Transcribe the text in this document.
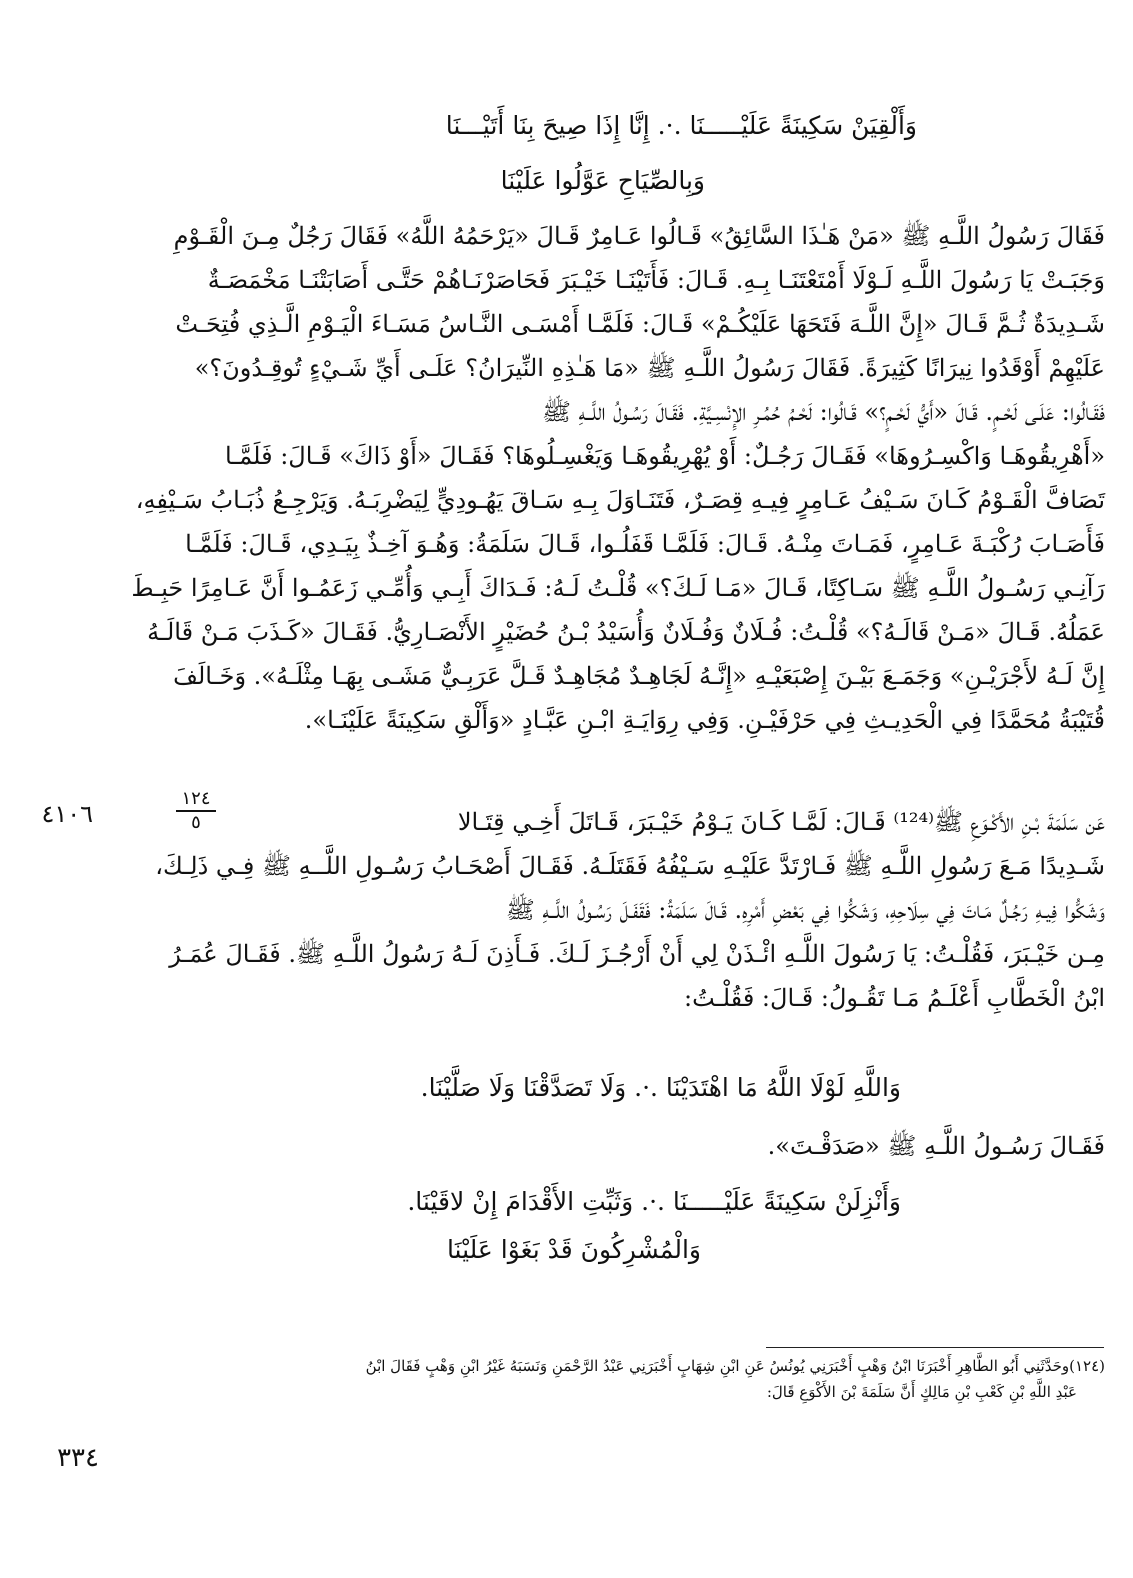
وَأَلْقِيَنْ سَكِينَةً عَلَيْـــــنَا .·. إِنَّا إِذَا صِيحَ بِنَا أَتَيْـــنَا
وَبِالصِّيَاحِ عَوَّلُوا عَلَيْنَا
فَقَالَ رَسُولُ اللَّـهِ ﷺ «مَنْ هَـٰذَا السَّائِقُ» قَـالُوا عَـامِرٌ قَـالَ «يَرْحَمُهُ اللَّهُ» فَقَالَ رَجُلٌ مِـنَ الْقَـوْمِ
وَجَبَـتْ يَا رَسُولَ اللَّـهِ لَـوْلَا أَمْتَعْتَنَـا بِـهِ. قَـالَ: فَأَتَيْنَـا خَيْـبَرَ فَحَاصَرْنَـاهُمْ حَتَّـى أَصَابَتْنَـا مَخْمَصَـةٌ
شَـدِيدَةٌ ثُـمَّ قَـالَ «إِنَّ اللَّـهَ فَتَحَهَا عَلَيْكُـمْ» قَـالَ: فَلَمَّـا أَمْسَـى النَّـاسُ مَسَـاءَ الْيَـوْمِ الَّـذِي فُتِحَـتْ
عَلَيْهِمْ أَوْقَدُوا نِيرَانًا كَثِيرَةً. فَقَالَ رَسُولُ اللَّـهِ ﷺ «مَا هَـٰذِهِ النِّيرَانُ؟ عَلَـى أَيِّ شَـيْءٍ تُوقِـدُونَ؟»
فَقَـالُوا: عَلَـى لَحْـمٍ. قَـالَ «أَيُّ لَحْـمٍ؟» قَـالُوا: لَحْـمُ حُمُـرِ الإِنْسِـيَّةِ. فَقَـالَ رَسُـولُ اللَّــهِ ﷺ
«أَهْرِيقُوهَـا وَاكْسِـرُوهَا» فَقَـالَ رَجُـلٌ: أَوْ يُهْرِيقُوهَـا وَيَغْسِـلُوهَا؟ فَقَـالَ «أَوْ ذَاكَ» قَـالَ: فَلَمَّـا
تَصَافَّ الْقَـوْمُ كَـانَ سَـيْفُ عَـامِرٍ فِيـهِ قِصَـرٌ، فَتَنَـاوَلَ بِـهِ سَـاقَ يَهُـودِيٍّ لِيَضْرِبَـهُ. وَيَرْجِـعُ ذُبَـابُ سَـيْفِهِ،
فَأَصَـابَ رُكْبَـةَ عَـامِرٍ، فَمَـاتَ مِنْـهُ. قَـالَ: فَلَمَّـا قَفَلُـوا، قَـالَ سَلَمَةُ: وَهُـوَ آخِـذٌ بِيَـدِي، قَـالَ: فَلَمَّـا
رَآنِـي رَسُـولُ اللَّـهِ ﷺ سَـاكِتًا، قَـالَ «مَـا لَـكَ؟» قُلْـتُ لَـهُ: فَـدَاكَ أَبِـي وَأُمِّـي زَعَمُـوا أَنَّ عَـامِرًا حَبِـطَ
عَمَلُهُ. قَـالَ «مَـنْ قَالَـهُ؟» قُلْـتُ: فُـلَانٌ وَفُـلَانٌ وَأُسَيْدُ بْـنُ حُضَيْرٍ الأَنْصَـارِيُّ. فَقَـالَ «كَـذَبَ مَـنْ قَالَـهُ
إِنَّ لَـهُ لأَجْرَيْـنِ» وَجَمَـعَ بَيْـنَ إِصْبَعَيْـهِ «إِنَّـهُ لَجَاهِـدٌ مُجَاهِـدٌ قَـلَّ عَرَبِـيٌّ مَشَـى بِهَـا مِثْلَـهُ». وَخَـالَفَ
قُتَيْبَةُ مُحَمَّدًا فِي الْحَدِيـثِ فِي حَرْفَيْـنِ. وَفِي رِوَايَـةِ ابْـنِ عَبَّـادٍ «وَأَلْقِ سَكِينَةً عَلَيْنَـا».
٤١٠٦
١٢٤
٥	عَن سَلَمَةَ بْـنِ الأَكْـوَعِ ﷺ⁽¹²⁴⁾ قَـالَ: لَمَّـا كَـانَ يَـوْمُ خَيْـبَرَ، قَـاتَلَ أَخِـي قِتَـالا
شَـدِيدًا مَـعَ رَسُولِ اللَّـهِ ﷺ فَـارْتَدَّ عَلَيْـهِ سَـيْفُهُ فَقَتَلَـهُ. فَقَـالَ أَصْحَـابُ رَسُـولِ اللَّــهِ ﷺ فِـي ذَلِـكَ،
وَشَكُّوا فِيـهِ رَجُـلٌ مَـاتَ فِي سِلَاحِهِ، وَشَكُّوا فِي بَعْضِ أَمْرِهِ. قَـالَ سَلَمَةُ: فَقَفَـلَ رَسُـولُ اللَّــهِ ﷺ
مِـن خَيْـبَرَ، فَقُلْـتُ: يَا رَسُولَ اللَّـهِ ائْـذَنْ لِي أَنْ أَرْجُـزَ لَـكَ. فَـأَذِنَ لَـهُ رَسُولُ اللَّـهِ ﷺ. فَقَـالَ عُمَـرُ
ابْنُ الْخَطَّابِ أَعْلَـمُ مَـا تَقُـولُ: قَـالَ: فَقُلْـتُ:
وَاللَّهِ لَوْلَا اللَّهُ مَا اهْتَدَيْنَا .·. وَلَا تَصَدَّقْنَا وَلَا صَلَّيْنَا.
فَقَـالَ رَسُـولُ اللَّـهِ ﷺ «صَدَقْـتَ».
وَأَنْزِلَنْ سَكِينَةً عَلَيْـــــنَا .·. وَثَبِّتِ الأَقْدَامَ إِنْ لاقَيْنَا.
وَالْمُشْرِكُونَ قَدْ بَغَوْا عَلَيْنَا
(١٢٤)وحَدَّثَنِي أَبُو الطَّاهِرِ أَخْبَرَنَا ابْنُ وَهْبٍ أَخْبَرَنِي يُونُسُ عَنِ ابْنِ شِهَابٍ أَخْبَرَنِي عَبْدُ الرَّحْمَنِ وَنَسَبَهُ غَيْرُ ابْنِ وَهْبٍ فَقَالَ ابْنُ
عَبْدِ اللَّهِ بْنِ كَعْبِ بْنِ مَالِكٍ أَنَّ سَلَمَةَ بْنَ الأَكْوَعِ قَالَ:
٣٣٤
